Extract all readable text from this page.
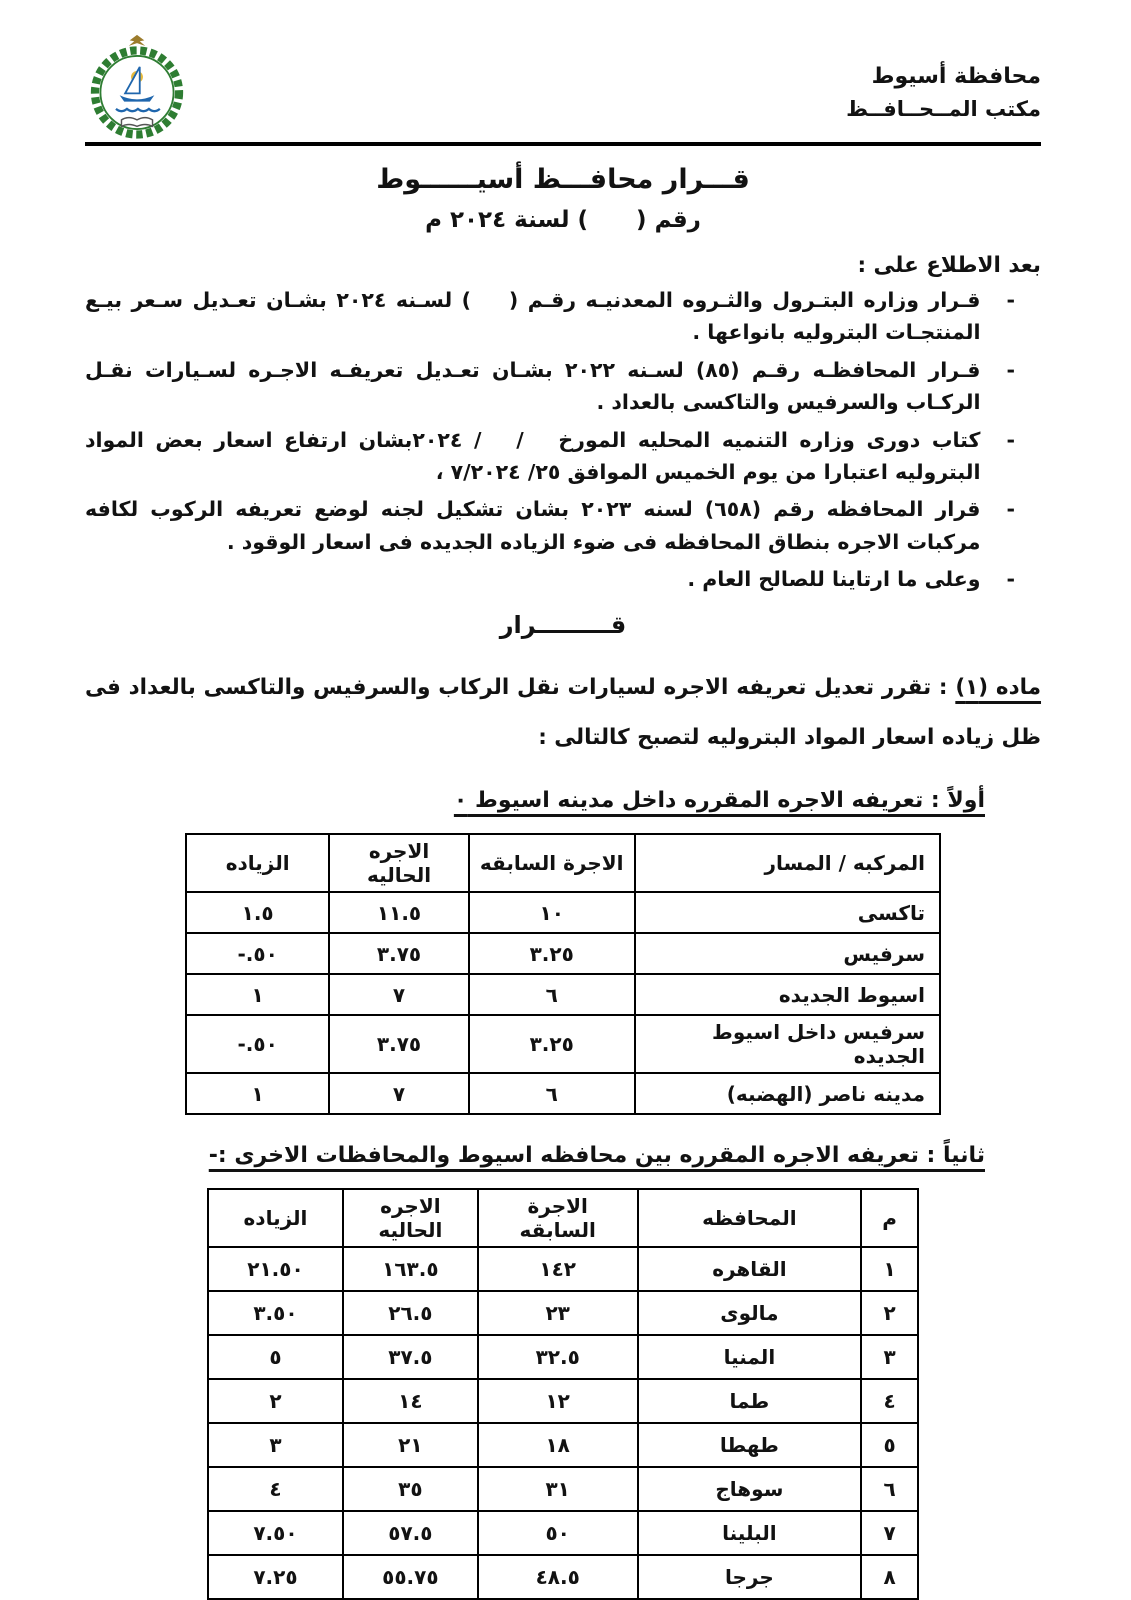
محافظة أسيوط
مكتب المــحــافــظ
قـــرار محافـــظ أسيــــــوط
رقم (      ) لسنة ٢٠٢٤ م
بعد الاطلاع على :
-
قـرار وزاره البتـرول والثـروه المعدنيـه رقـم (    ) لسـنه ٢٠٢٤ بشـان تعـديل سـعر بيـع المنتجـات البتروليه بانواعها .
-
قـرار المحافظـه رقـم (٨٥) لسـنه ٢٠٢٢ بشـان تعـديل تعريفـه الاجـره لسـيارات نقـل الركـاب والسرفيس والتاكسى بالعداد .
-
كتاب دورى وزاره التنميه المحليه المورخ   /   / ٢٠٢٤بشان ارتفاع اسعار بعض المواد البتروليه اعتبارا من يوم الخميس الموافق ٢٥/ ٧/٢٠٢٤ ،
-
قرار المحافظه رقم (٦٥٨) لسنه ٢٠٢٣ بشان تشكيل لجنه لوضع تعريفه الركوب لكافه مركبات الاجره بنطاق المحافظه فى ضوء الزياده الجديده فى اسعار الوقود .
-
وعلى ما ارتاينا للصالح العام .
قـــــــــرار

ماده (١) : تقرر تعديل تعريفه الاجره لسيارات نقل الركاب والسرفيس والتاكسى بالعداد فى ظل زياده اسعار المواد البتروليه لتصبح كالتالى :

أولاً : تعريفه الاجره المقرره داخل مدينه اسيوط ٠
المركبه / المسار	الاجرة السابقه	الاجره الحاليه	الزياده
تاكسى	١٠	١١.٥	١.٥
سرفيس	٣.٢٥	٣.٧٥	-.٥٠
اسيوط الجديده	٦	٧	١
سرفيس داخل اسيوط الجديده	٣.٢٥	٣.٧٥	-.٥٠
مدينه ناصر (الهضبه)	٦	٧	١
ثانياً : تعريفه الاجره المقرره بين محافظه اسيوط والمحافظات الاخرى :-
م	المحافظه	الاجرة السابقه	الاجره الحاليه	الزياده
١	القاهره	١٤٢	١٦٣.٥	٢١.٥٠
٢	مالوى	٢٣	٢٦.٥	٣.٥٠
٣	المنيا	٣٢.٥	٣٧.٥	٥
٤	طما	١٢	١٤	٢
٥	طهطا	١٨	٢١	٣
٦	سوهاج	٣١	٣٥	٤
٧	البلينا	٥٠	٥٧.٥	٧.٥٠
٨	جرجا	٤٨.٥	٥٥.٧٥	٧.٢٥
